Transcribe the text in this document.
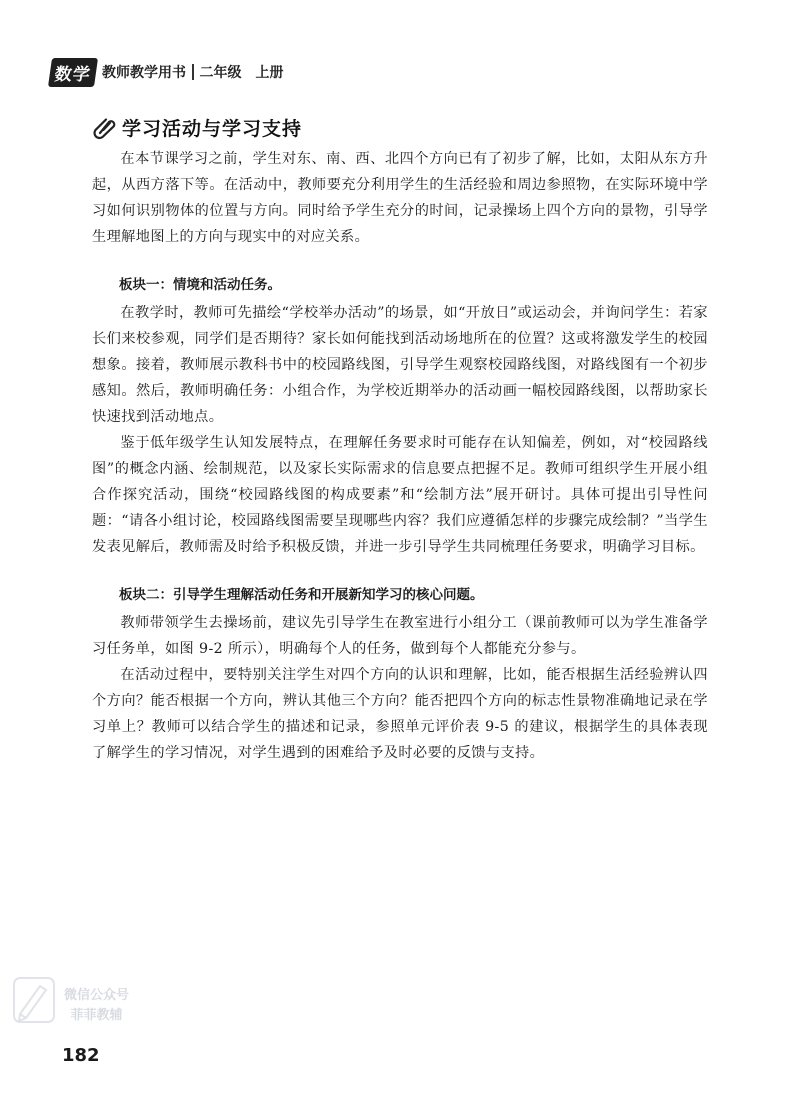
数学 教师教学用书 二年级　上册
学习活动与学习支持

在本节课学习之前，学生对东、南、西、北四个方向已有了初步了解，比如，太阳从东方升起，从西方落下等。在活动中，教师要充分利用学生的生活经验和周边参照物，在实际环境中学习如何识别物体的位置与方向。同时给予学生充分的时间，记录操场上四个方向的景物，引导学生理解地图上的方向与现实中的对应关系。

板块一：情境和活动任务。

在教学时，教师可先描绘“学校举办活动”的场景，如“开放日”或运动会，并询问学生：若家长们来校参观，同学们是否期待？家长如何能找到活动场地所在的位置？这或将激发学生的校园想象。接着，教师展示教科书中的校园路线图，引导学生观察校园路线图，对路线图有一个初步感知。然后，教师明确任务：小组合作，为学校近期举办的活动画一幅校园路线图，以帮助家长快速找到活动地点。

鉴于低年级学生认知发展特点，在理解任务要求时可能存在认知偏差，例如，对“校园路线图”的概念内涵、绘制规范，以及家长实际需求的信息要点把握不足。教师可组织学生开展小组合作探究活动，围绕“校园路线图的构成要素”和“绘制方法”展开研讨。具体可提出引导性问题：“请各小组讨论，校园路线图需要呈现哪些内容？我们应遵循怎样的步骤完成绘制？”当学生发表见解后，教师需及时给予积极反馈，并进一步引导学生共同梳理任务要求，明确学习目标。

板块二：引导学生理解活动任务和开展新知学习的核心问题。

教师带领学生去操场前，建议先引导学生在教室进行小组分工（课前教师可以为学生准备学习任务单，如图 9-2 所示），明确每个人的任务，做到每个人都能充分参与。

在活动过程中，要特别关注学生对四个方向的认识和理解，比如，能否根据生活经验辨认四个方向？能否根据一个方向，辨认其他三个方向？能否把四个方向的标志性景物准确地记录在学习单上？教师可以结合学生的描述和记录，参照单元评价表 9-5 的建议，根据学生的具体表现了解学生的学习情况，对学生遇到的困难给予及时必要的反馈与支持。

微信公众号
菲菲教辅
182
